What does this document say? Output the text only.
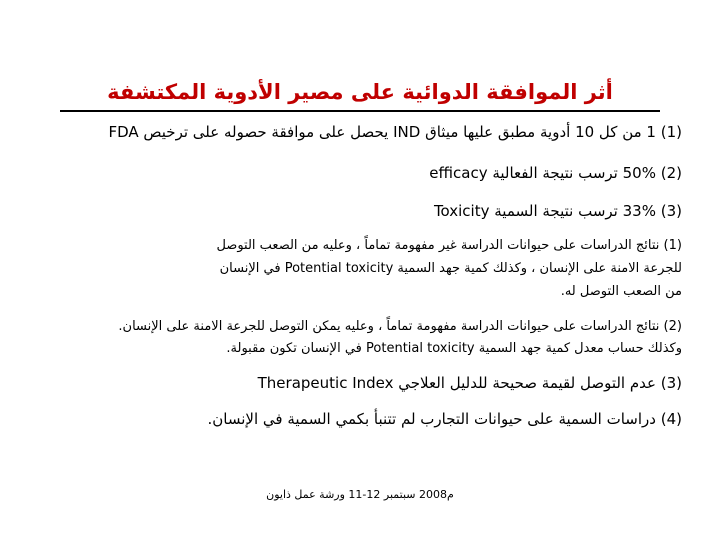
أثر الموافقة الدوائية على مصير الأدوية المكتشفة
(1) 1 من كل 10 أدوية مطبق عليها ميثاق IND يحصل على موافقة حصوله على ترخيص FDA
(2) 50% ترسب نتيجة الفعالية efficacy
(3) 33% ترسب نتيجة السمية Toxicity
(1) نتائج الدراسات على حيوانات الدراسة غير مفهومة تماماً ، وعليه من الصعب التوصل
للجرعة الامنة على الإنسان ، وكذلك كمية جهد السمية Potential toxicity في الإنسان
من الصعب التوصل له.
(2) نتائج الدراسات على حيوانات الدراسة مفهومة تماماً ، وعليه يمكن التوصل للجرعة الامنة على الإنسان.
وكذلك حساب معدل كمية جهد السمية Potential toxicity في الإنسان تكون مقبولة.
(3) عدم التوصل لقيمة صحيحة للدليل العلاجي Therapeutic Index
(4) دراسات السمية على حيوانات التجارب لم تتنبأ بكمي السمية في الإنسان.
م2008 سبتمبر 12-11 ورشة عمل ذايون
